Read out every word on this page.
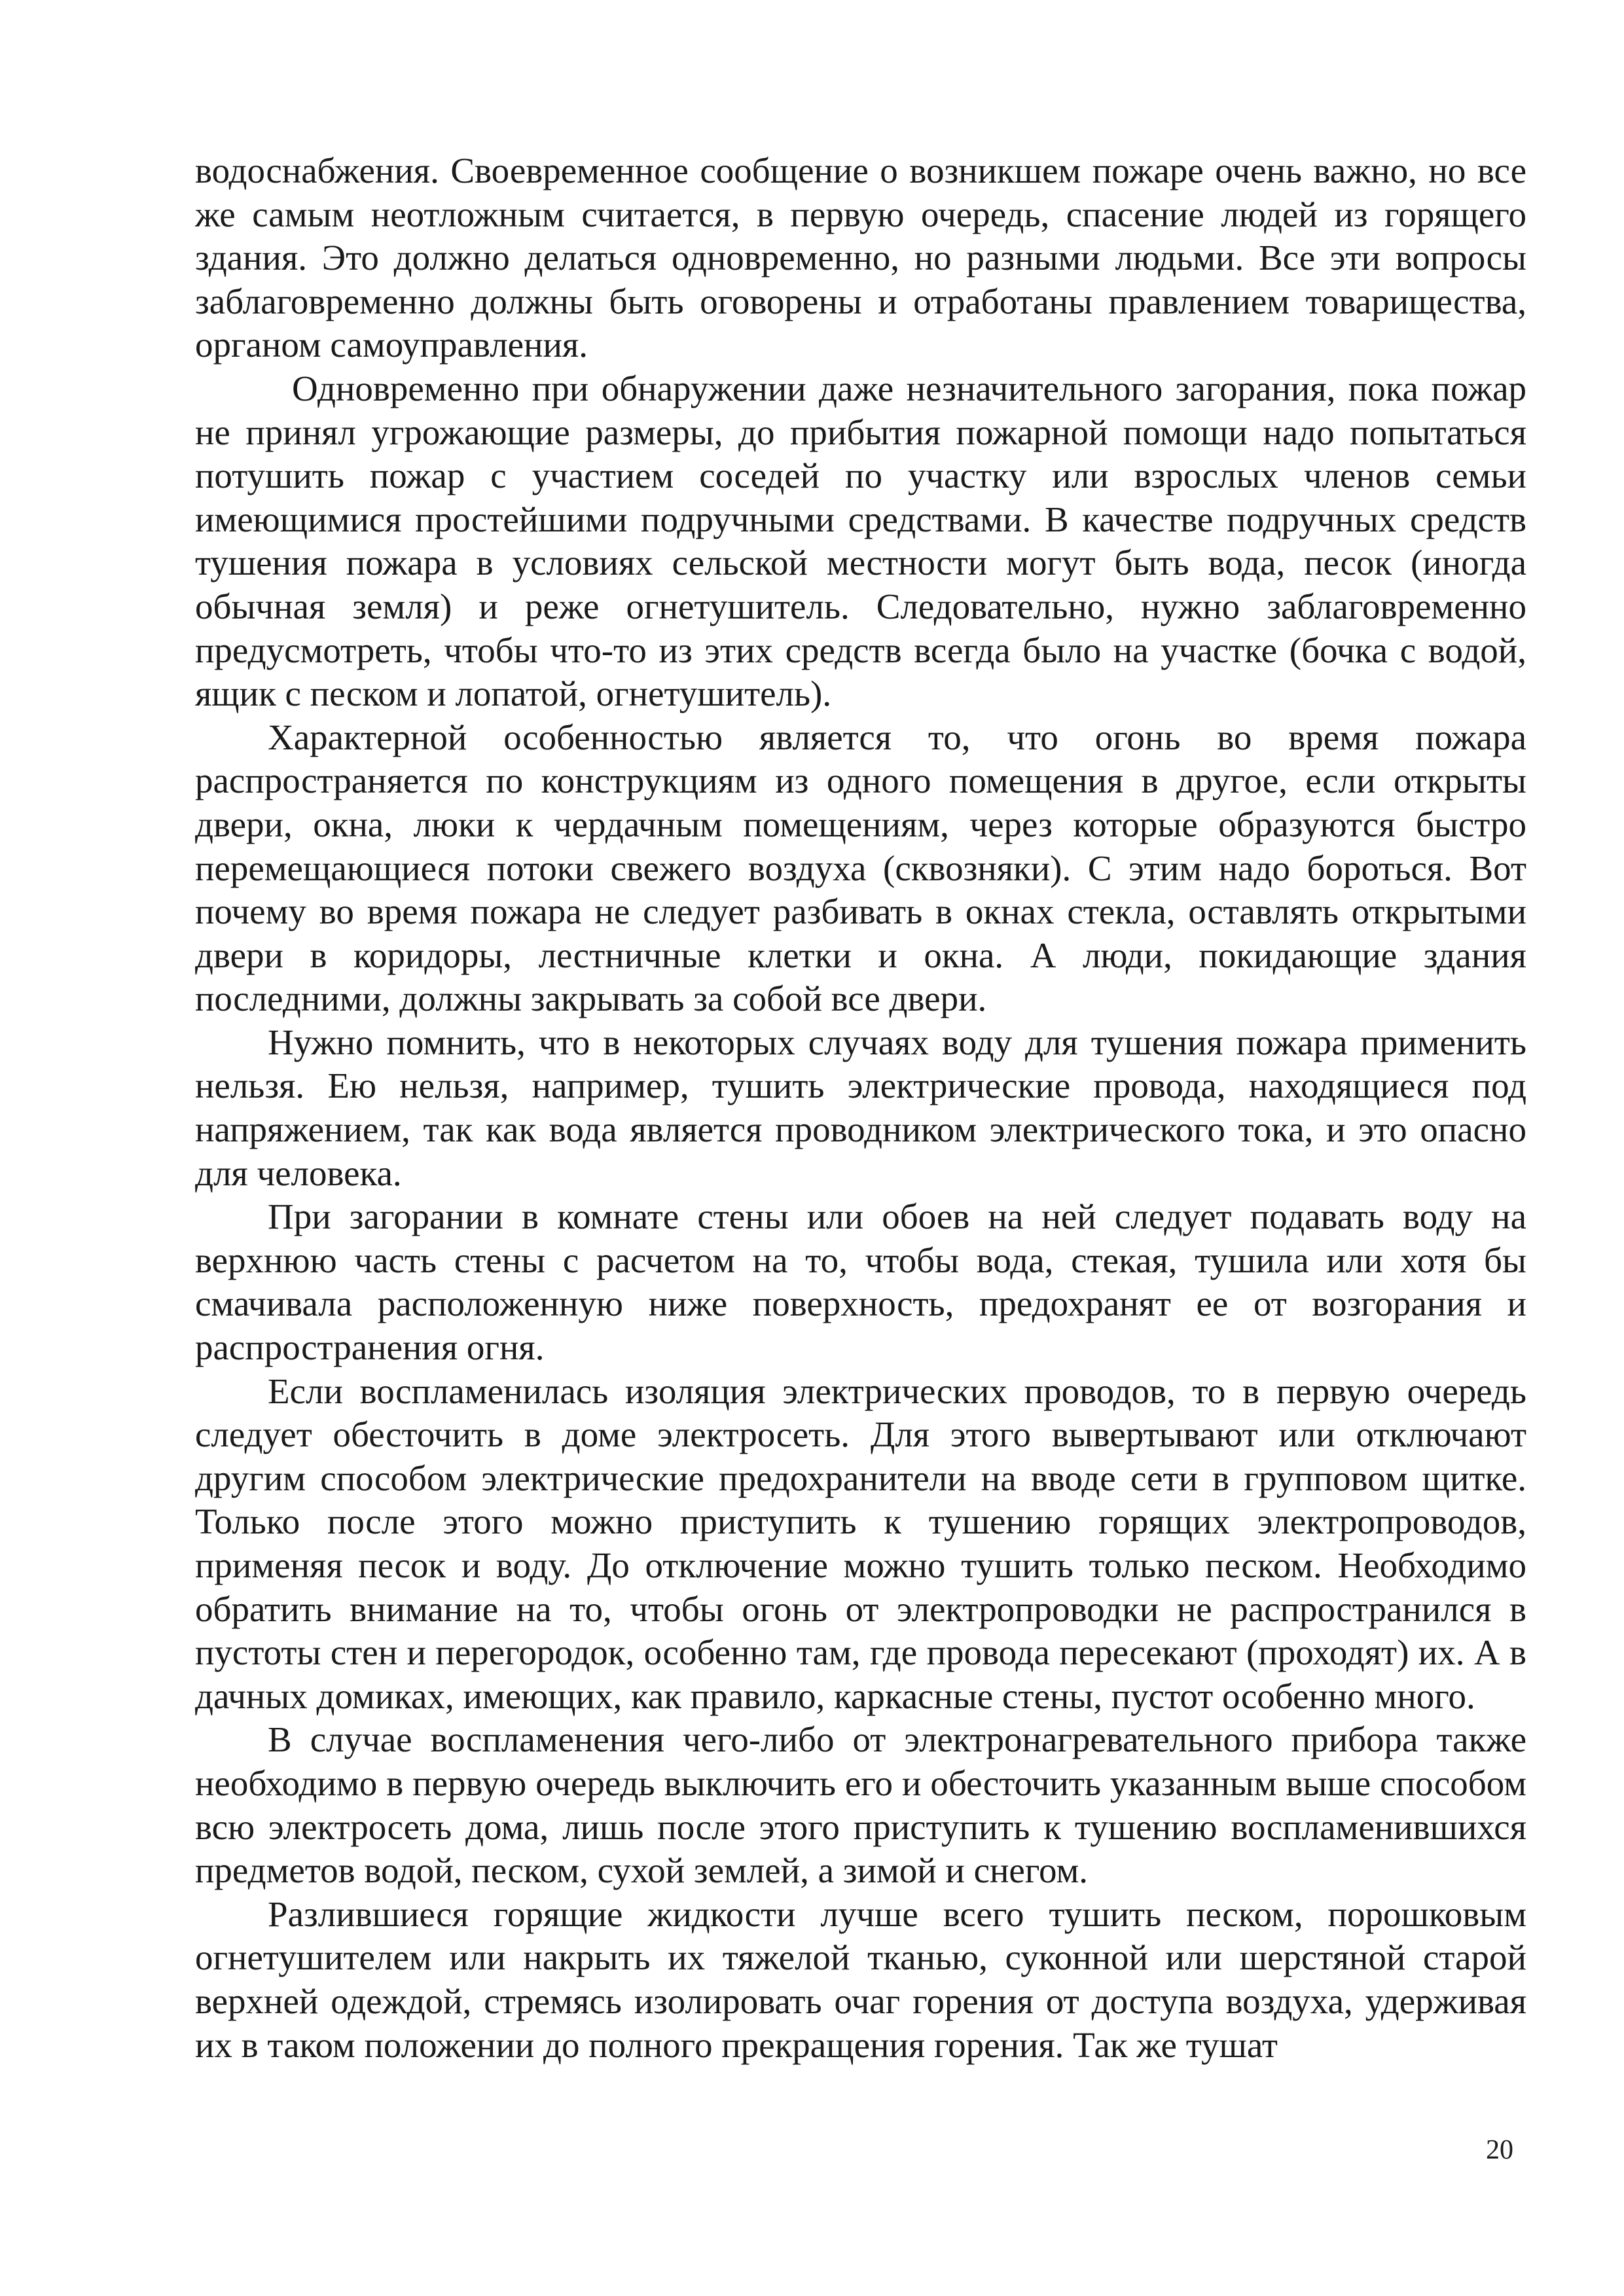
водоснабжения. Своевременное сообщение о возникшем пожаре очень важно, но все же самым неотложным считается, в первую очередь, спасение людей из горящего здания. Это должно делаться одновременно, но разными людьми. Все эти вопросы заблаговременно должны быть оговорены и отработаны правлением товарищества, органом самоуправления.

Одновременно при обнаружении даже незначительного загорания, пока пожар не принял угрожающие размеры, до прибытия пожарной помощи надо попытаться потушить пожар с участием соседей по участку или взрослых членов семьи имеющимися простейшими подручными средствами. В качестве подручных средств тушения пожара в условиях сельской местности могут быть вода, песок (иногда обычная земля) и реже огнетушитель. Следовательно, нужно заблаговременно предусмотреть, чтобы что-то из этих средств всегда было на участке (бочка с водой, ящик с песком и лопатой, огнетушитель).

Характерной особенностью является то, что огонь во время пожара распространяется по конструкциям из одного помещения в другое, если открыты двери, окна, люки к чердачным помещениям, через которые образуются быстро перемещающиеся потоки свежего воздуха (сквозняки). С этим надо бороться. Вот почему во время пожара не следует разбивать в окнах стекла, оставлять открытыми двери в коридоры, лестничные клетки и окна. А люди, покидающие здания последними, должны закрывать за собой все двери.

Нужно помнить, что в некоторых случаях воду для тушения пожара применить нельзя. Ею нельзя, например, тушить электрические провода, находящиеся под напряжением, так как вода является проводником электрического тока, и это опасно для человека.

При загорании в комнате стены или обоев на ней следует подавать воду на верхнюю часть стены с расчетом на то, чтобы вода, стекая, тушила или хотя бы смачивала расположенную ниже поверхность, предохранят ее от возгорания и распространения огня.

Если воспламенилась изоляция электрических проводов, то в первую очередь следует обесточить в доме электросеть. Для этого вывертывают или отключают другим способом электрические предохранители на вводе сети в групповом щитке. Только после этого можно приступить к тушению горящих электропроводов, применяя песок и воду. До отключение можно тушить только песком. Необходимо обратить внимание на то, чтобы огонь от электропроводки не распространился в пустоты стен и перегородок, особенно там, где провода пересекают (проходят) их. А в дачных домиках, имеющих, как правило, каркасные стены, пустот особенно много.

В случае воспламенения чего-либо от электронагревательного прибора также необходимо в первую очередь выключить его и обесточить указанным выше способом всю электросеть дома, лишь после этого приступить к тушению воспламенившихся предметов водой, песком, сухой землей, а зимой и снегом.

Разлившиеся горящие жидкости лучше всего тушить песком, порошковым огнетушителем или накрыть их тяжелой тканью, суконной или шерстяной старой верхней одеждой, стремясь изолировать очаг горения от доступа воздуха, удерживая их в таком положении до полного прекращения горения. Так же тушат

20
